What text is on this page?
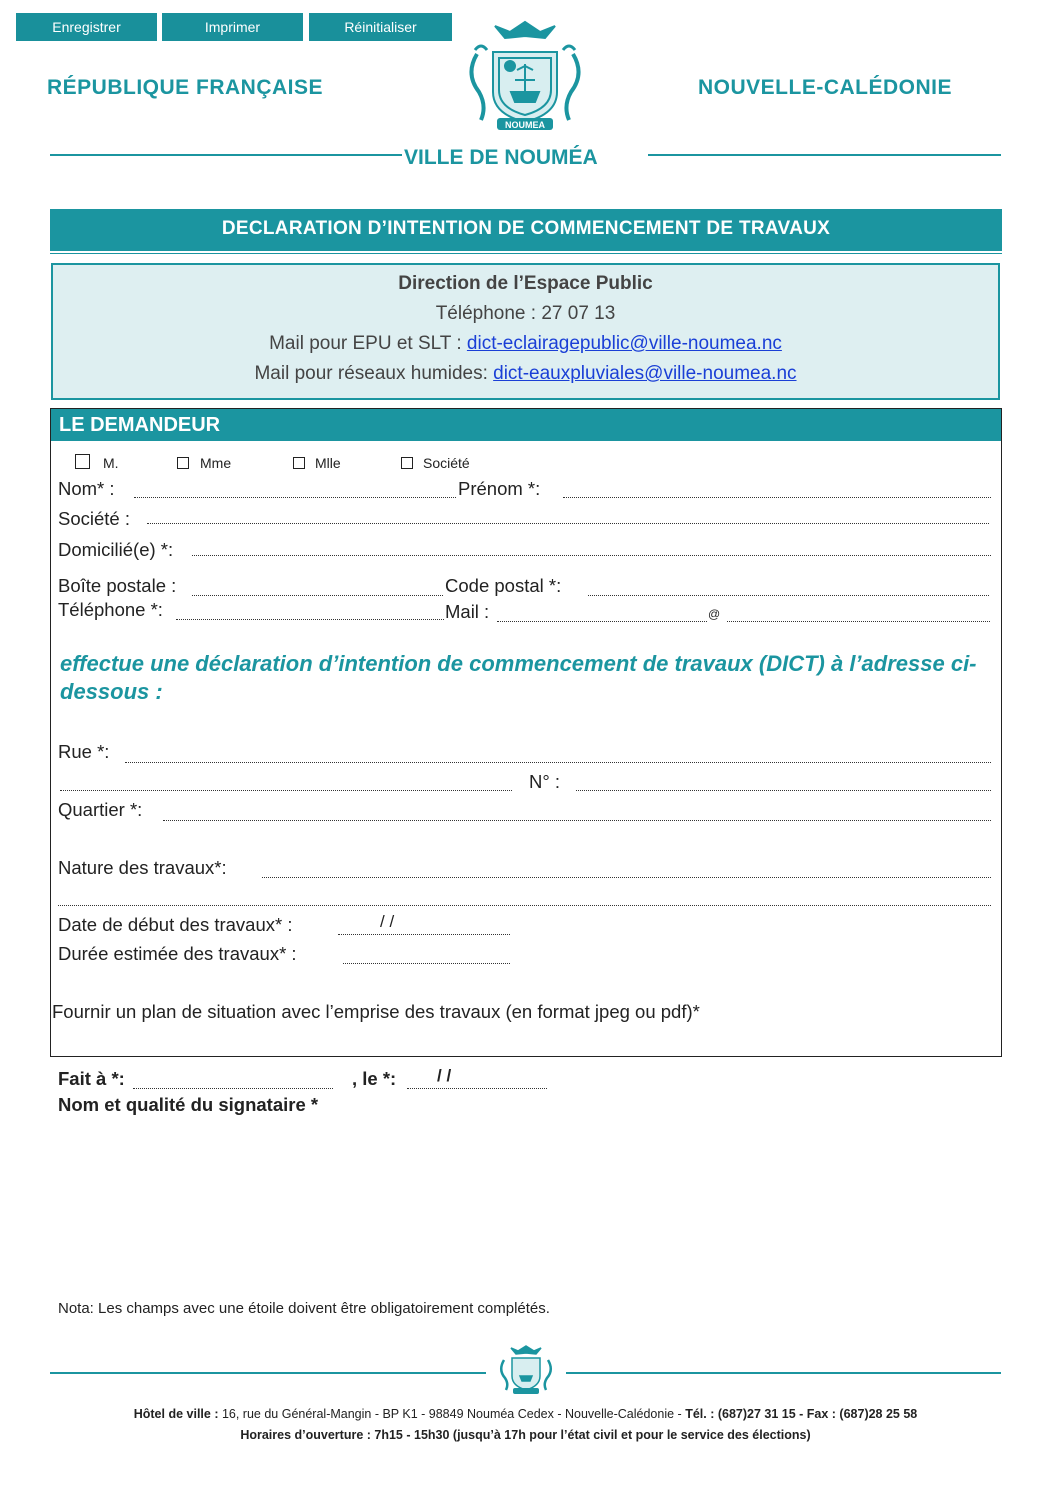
Enregistrer	Imprimer	Réinitialiser
RÉPUBLIQUE FRANÇAISE	NOUVELLE-CALÉDONIE
NOUMEA
VILLE DE NOUMÉA
DECLARATION D’INTENTION DE COMMENCEMENT DE TRAVAUX
Direction de l’Espace Public
Téléphone : 27 07 13
Mail pour EPU et SLT : dict-eclairagepublic@ville-noumea.nc
Mail pour réseaux humides: dict-eauxpluviales@ville-noumea.nc
LE DEMANDEUR
M.	Mme	Mlle	Société
Nom* :	Prénom *:
Société :
Domicilié(e) *:
Boîte postale :	Code postal *:
Téléphone *:	Mail :	@
effectue une déclaration d’intention de commencement de travaux (DICT) à l’adresse ci-dessous :
Rue *:
N° :
Quartier *:
Nature des travaux*:
Date de début des travaux* :	/ /
Durée estimée des travaux* :
Fournir un plan de situation avec l’emprise des travaux (en format jpeg ou pdf)*
Fait à *:	, le *: / /
Nom et qualité du signataire *
Nota: Les champs avec une étoile doivent être obligatoirement complétés.
Hôtel de ville : 16, rue du Général-Mangin - BP K1 - 98849 Nouméa Cedex - Nouvelle-Calédonie - Tél. : (687)27 31 15 - Fax : (687)28 25 58
Horaires d’ouverture : 7h15 - 15h30 (jusqu’à 17h pour l’état civil et pour le service des élections)
